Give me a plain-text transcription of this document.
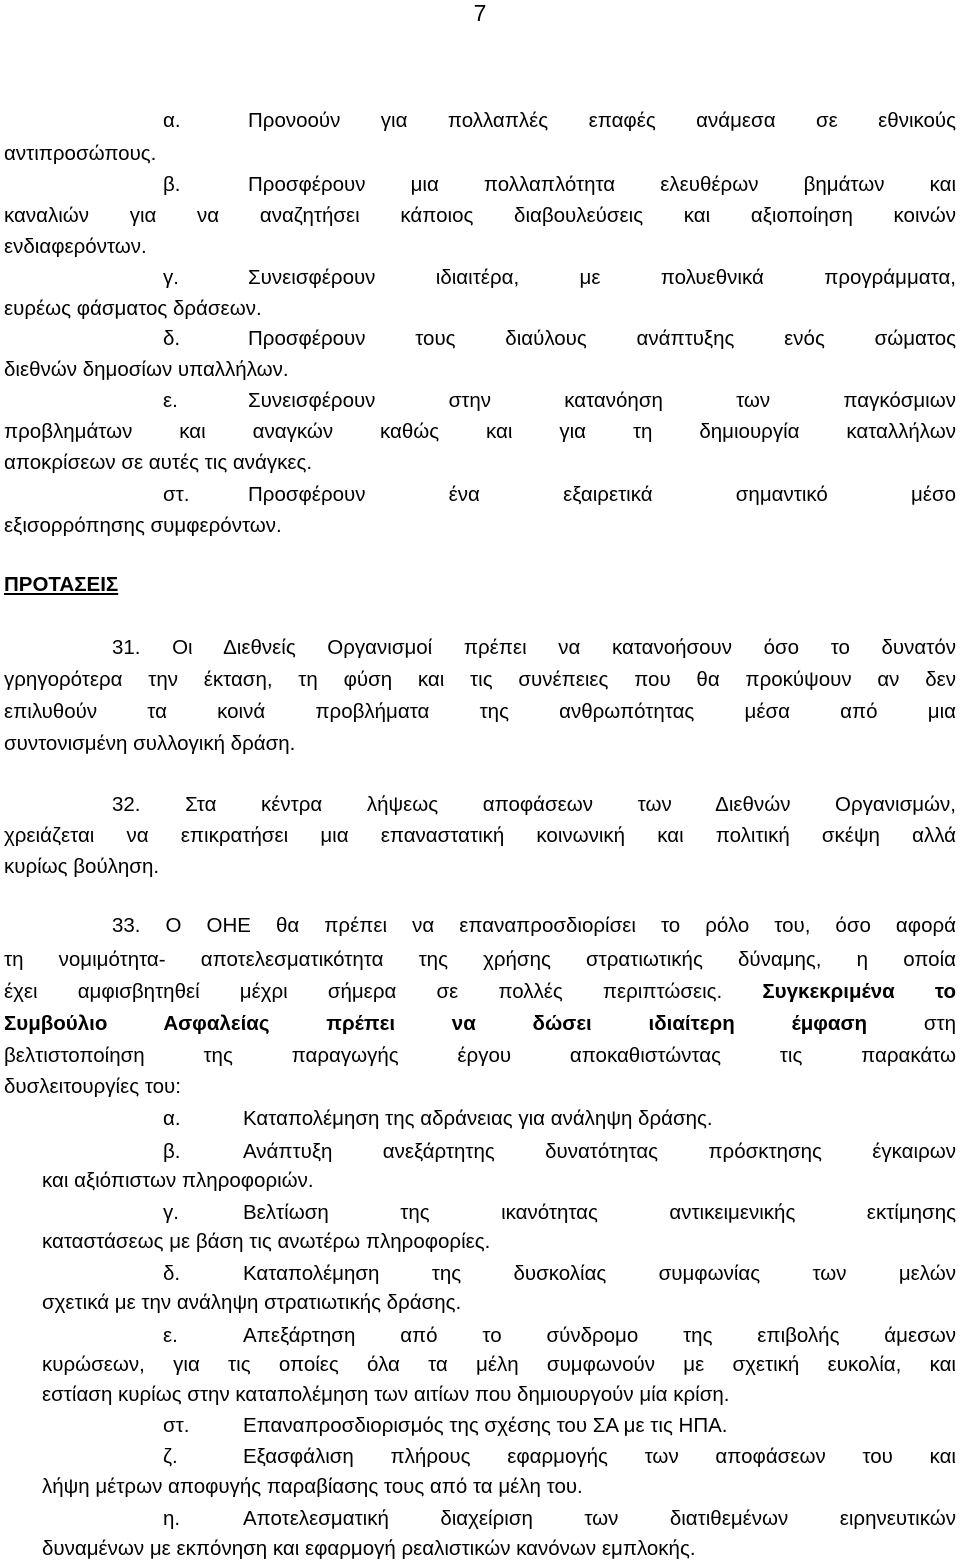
7
α.	Προνοούν για πολλαπλές επαφές ανάμεσα σε εθνικούς
αντιπροσώπους.
β.	Προσφέρουν μια πολλαπλότητα ελευθέρων βημάτων και
καναλιών για να αναζητήσει κάποιος διαβουλεύσεις και αξιοποίηση κοινών
ενδιαφερόντων.
γ.	Συνεισφέρουν ιδιαιτέρα, με πολυεθνικά προγράμματα,
ευρέως φάσματος δράσεων.
δ.	Προσφέρουν τους διαύλους ανάπτυξης ενός σώματος
διεθνών δημοσίων υπαλλήλων.
ε.	Συνεισφέρουν στην κατανόηση των παγκόσμιων
προβλημάτων και αναγκών καθώς και για τη δημιουργία καταλλήλων
αποκρίσεων σε αυτές τις ανάγκες.
στ.	Προσφέρουν ένα εξαιρετικά σημαντικό μέσο
εξισορρόπησης συμφερόντων.
ΠΡΟΤΑΣΕΙΣ
31. Οι Διεθνείς Οργανισμοί πρέπει να κατανοήσουν όσο το δυνατόν
γρηγορότερα την έκταση, τη φύση και τις συνέπειες που θα προκύψουν αν δεν
επιλυθούν τα κοινά προβλήματα της ανθρωπότητας μέσα από μια
συντονισμένη συλλογική δράση.
32. Στα κέντρα λήψεως αποφάσεων των Διεθνών Οργανισμών,
χρειάζεται να επικρατήσει μια επαναστατική κοινωνική και πολιτική σκέψη αλλά
κυρίως βούληση.
33. Ο ΟΗΕ θα πρέπει να επαναπροσδιορίσει το ρόλο του, όσο αφορά
τη νομιμότητα- αποτελεσματικότητα της χρήσης στρατιωτικής δύναμης, η οποία
έχει αμφισβητηθεί μέχρι σήμερα σε πολλές περιπτώσεις. Συγκεκριμένα το
Συμβούλιο Ασφαλείας πρέπει να δώσει ιδιαίτερη έμφαση	στη
βελτιστοποίηση της παραγωγής έργου αποκαθιστώντας τις παρακάτω
δυσλειτουργίες του:
α.	Καταπολέμηση της αδράνειας για ανάληψη δράσης.
β.	Ανάπτυξη ανεξάρτητης δυνατότητας πρόσκτησης έγκαιρων
και αξιόπιστων πληροφοριών.
γ.	Βελτίωση της ικανότητας αντικειμενικής εκτίμησης
καταστάσεως με βάση τις ανωτέρω πληροφορίες.
δ.	Καταπολέμηση της δυσκολίας συμφωνίας των μελών
σχετικά με την ανάληψη στρατιωτικής δράσης.
ε.	Απεξάρτηση από το σύνδρομο της επιβολής άμεσων
κυρώσεων, για τις οποίες όλα τα μέλη συμφωνούν με σχετική ευκολία, και
εστίαση κυρίως στην καταπολέμηση των αιτίων που δημιουργούν μία κρίση.
στ.	Επαναπροσδιορισμός της σχέσης του ΣΑ με τις ΗΠΑ.
ζ.	Εξασφάλιση πλήρους εφαρμογής των αποφάσεων του και
λήψη μέτρων αποφυγής παραβίασης τους από τα μέλη του.
η.	Αποτελεσματική διαχείριση των διατιθεμένων ειρηνευτικών
δυναμένων με εκπόνηση και εφαρμογή ρεαλιστικών κανόνων εμπλοκής.
